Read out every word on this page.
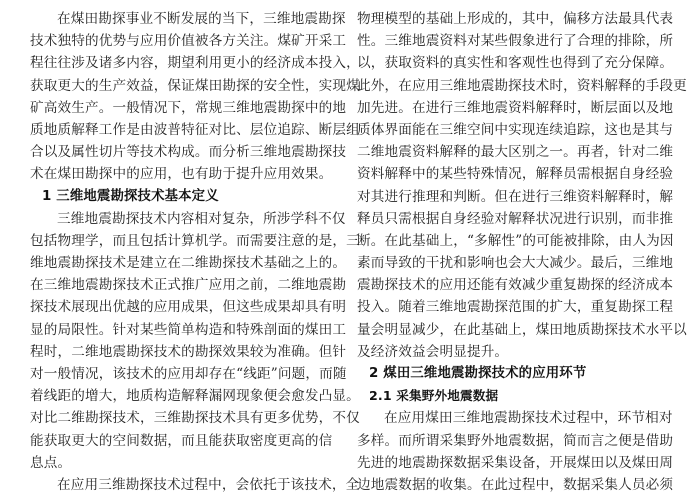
在煤田勘探事业不断发展的当下，三维地震勘探
技术独特的优势与应用价值被各方关注。煤矿开采工
程往往涉及诸多内容，期望利用更小的经济成本投入，
获取更大的生产效益，保证煤田勘探的安全性，实现煤
矿高效生产。一般情况下，常规三维地震勘探中的地
质地质解释工作是由波普特征对比、层位追踪、断层组
合以及属性切片等技术构成。而分析三维地震勘探技
术在煤田勘探中的应用，也有助于提升应用效果。
1 三维地震勘探技术基本定义
三维地震勘探技术内容相对复杂，所涉学科不仅
包括物理学，而且包括计算机学。而需要注意的是，三
维地震勘探技术是建立在二维勘探技术基础之上的。
在三维地震勘探技术正式推广应用之前，二维地震勘
探技术展现出优越的应用成果，但这些成果却具有明
显的局限性。针对某些简单构造和特殊剖面的煤田工
程时，二维地震勘探技术的勘探效果较为准确。但针
对一般情况，该技术的应用却存在“线距”问题，而随
着线距的增大，地质构造解释漏网现象便会愈发凸显。
对比二维勘探技术，三维勘探技术具有更多优势，不仅
能获取更大的空间数据，而且能获取密度更高的信
息点。
在应用三维勘探技术过程中，会依托于该技术，全
物理模型的基础上形成的，其中，偏移方法最具代表
性。三维地震资料对某些假象进行了合理的排除，所
以，获取资料的真实性和客观性也得到了充分保障。
此外，在应用三维地震勘探技术时，资料解释的手段更
加先进。在进行三维地震资料解释时，断层面以及地
质体界面能在三维空间中实现连续追踪，这也是其与
二维地震资料解释的最大区别之一。再者，针对二维
资料解释中的某些特殊情况，解释员需根据自身经验
对其进行推理和判断。但在进行三维资料解释时，解
释员只需根据自身经验对解释状况进行识别，而非推
断。在此基础上，“多解性”的可能被排除，由人为因
素而导致的干扰和影响也会大大减少。最后，三维地
震勘探技术的应用还能有效减少重复勘探的经济成本
投入。随着三维地震勘探范围的扩大，重复勘探工程
量会明显减少，在此基础上，煤田地质勘探技术水平以
及经济效益会明显提升。
2 煤田三维地震勘探技术的应用环节
2.1 采集野外地震数据
在应用煤田三维地震勘探技术过程中，环节相对
多样。而所谓采集野外地震数据，简而言之便是借助
先进的地震勘探数据采集设备，开展煤田以及煤田周
边地震数据的收集。在此过程中，数据采集人员必须
